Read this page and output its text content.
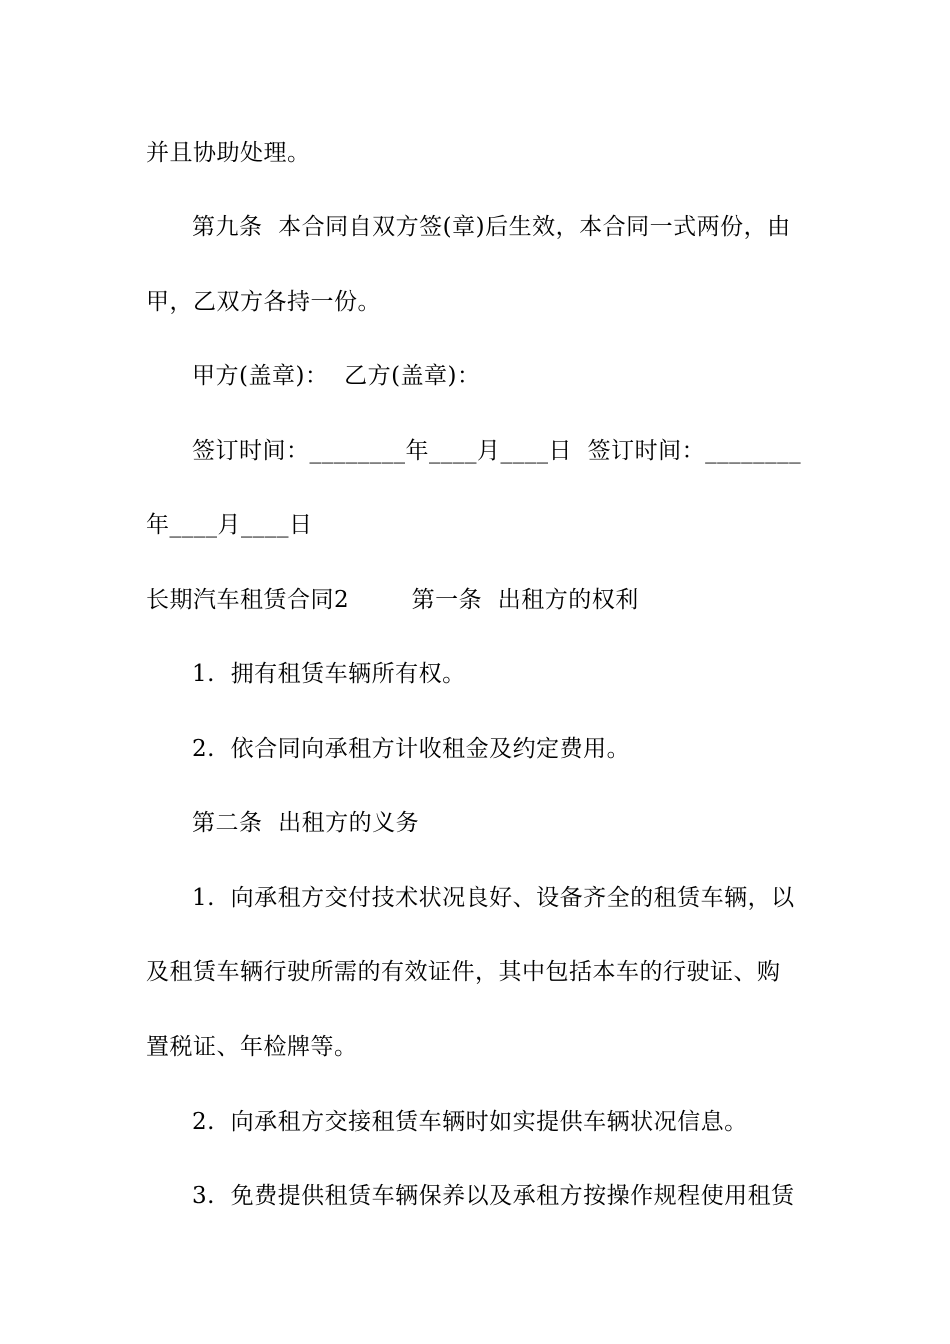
并且协助处理。
第九条  本合同自双方签(章)后生效，本合同一式两份，由
甲，乙双方各持一份。
甲方(盖章)：  乙方(盖章)：
签订时间：________年____月____日  签订时间：________
年____月____日
长期汽车租赁合同2        第一条  出租方的权利
1.  拥有租赁车辆所有权。
2.  依合同向承租方计收租金及约定费用。
第二条  出租方的义务
1.  向承租方交付技术状况良好、设备齐全的租赁车辆，以
及租赁车辆行驶所需的有效证件，其中包括本车的行驶证、购
置税证、年检牌等。
2.  向承租方交接租赁车辆时如实提供车辆状况信息。
3.  免费提供租赁车辆保养以及承租方按操作规程使用租赁
